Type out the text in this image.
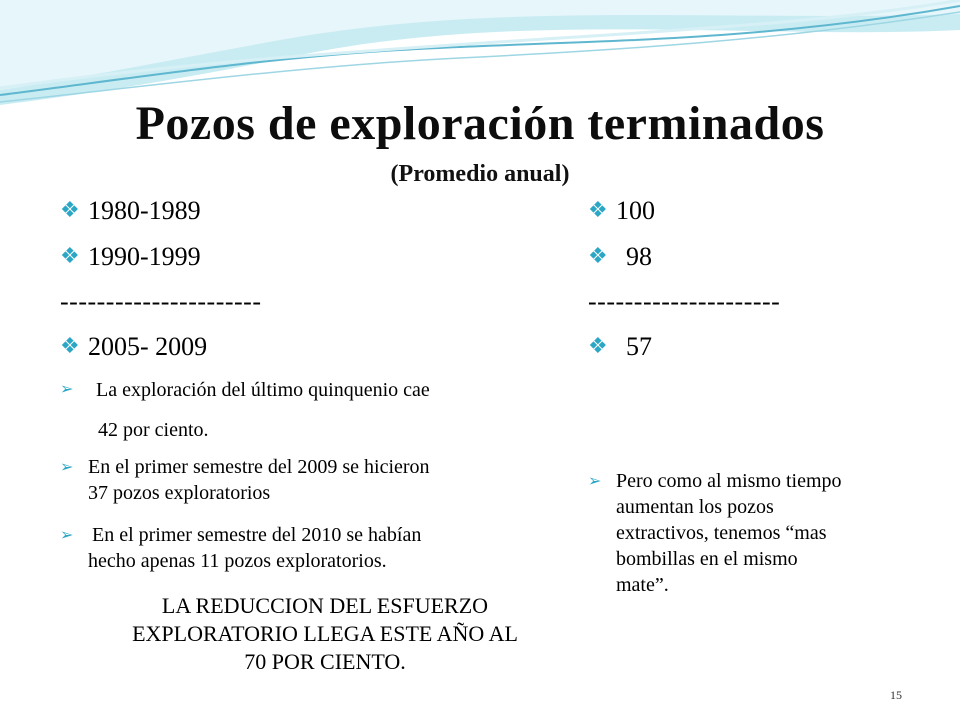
Pozos de exploración terminados
(Promedio anual)
❖ 1980-1989
❖ 1990-1999
----------------------
❖ 2005- 2009
➢ La exploración del último quinquenio cae
42 por ciento.
➢ En el primer semestre del 2009 se hicieron
37 pozos exploratorios
➢ En el primer semestre del 2010 se habían
hecho apenas 11 pozos exploratorios.
LA REDUCCION DEL ESFUERZO
EXPLORATORIO LLEGA ESTE AÑO AL
70 POR CIENTO.
❖ 100
❖ 98
---------------------
❖ 57
➢ Pero como al mismo tiempo
aumentan los pozos
extractivos, tenemos “mas
bombillas en el mismo
mate”.
15
